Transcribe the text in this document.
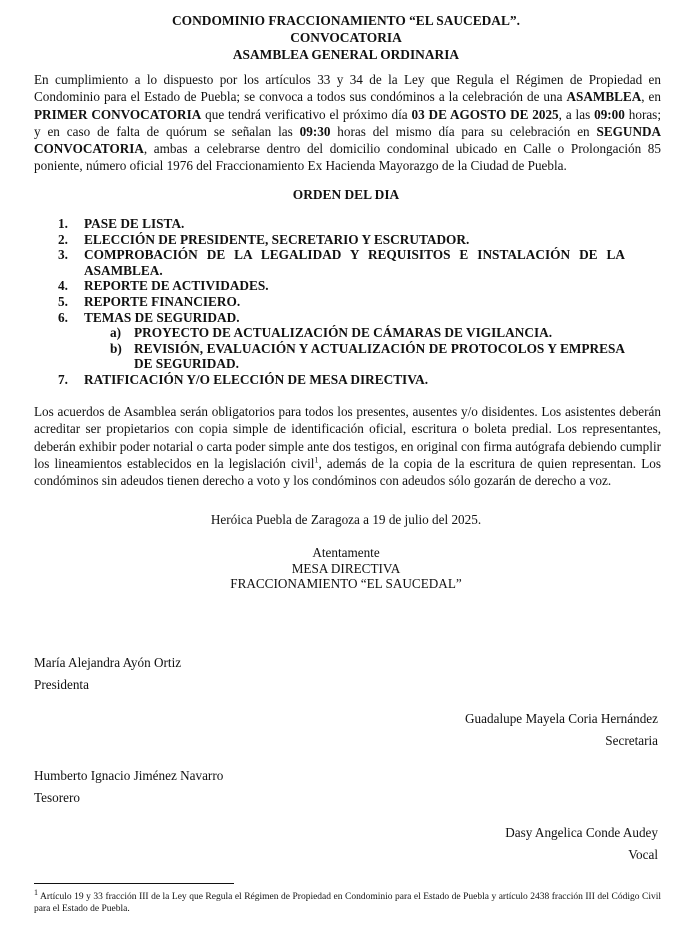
CONDOMINIO FRACCIONAMIENTO “EL SAUCEDAL”.
CONVOCATORIA
ASAMBLEA GENERAL ORDINARIA
En cumplimiento a lo dispuesto por los artículos 33 y 34 de la Ley que Regula el Régimen de Propiedad en Condominio para el Estado de Puebla; se convoca a todos sus condóminos a la celebración de una ASAMBLEA, en PRIMER CONVOCATORIA que tendrá verificativo el próximo día 03 DE AGOSTO DE 2025, a las 09:00 horas; y en caso de falta de quórum se señalan las 09:30 horas del mismo día para su celebración en SEGUNDA CONVOCATORIA, ambas a celebrarse dentro del domicilio condominal ubicado en Calle o Prolongación 85 poniente, número oficial 1976 del Fraccionamiento Ex Hacienda Mayorazgo de la Ciudad de Puebla.
ORDEN DEL DIA
1. PASE DE LISTA.
2. ELECCIÓN DE PRESIDENTE, SECRETARIO Y ESCRUTADOR.
3. COMPROBACIÓN DE LA LEGALIDAD Y REQUISITOS E INSTALACIÓN DE LA ASAMBLEA.
4. REPORTE DE ACTIVIDADES.
5. REPORTE FINANCIERO.
6. TEMAS DE SEGURIDAD.
a) PROYECTO DE ACTUALIZACIÓN DE CÁMARAS DE VIGILANCIA.
b) REVISIÓN, EVALUACIÓN Y ACTUALIZACIÓN DE PROTOCOLOS Y EMPRESA DE SEGURIDAD.
7. RATIFICACIÓN Y/O ELECCIÓN DE MESA DIRECTIVA.
Los acuerdos de Asamblea serán obligatorios para todos los presentes, ausentes y/o disidentes. Los asistentes deberán acreditar ser propietarios con copia simple de identificación oficial, escritura o boleta predial. Los representantes, deberán exhibir poder notarial o carta poder simple ante dos testigos, en original con firma autógrafa debiendo cumplir los lineamientos establecidos en la legislación civil$^1$, además de la copia de la escritura de quien representan. Los condóminos sin adeudos tienen derecho a voto y los condóminos con adeudos sólo gozarán de derecho a voz.
Heróica Puebla de Zaragoza a 19 de julio del 2025.
Atentamente
MESA DIRECTIVA
FRACCIONAMIENTO “EL SAUCEDAL”
María Alejandra Ayón Ortiz
Presidenta
Guadalupe Mayela Coria Hernández
Secretaria
Humberto Ignacio Jiménez Navarro
Tesorero
Dasy Angelica Conde Audey
Vocal
$^1$ Artículo 19 y 33 fracción III de la Ley que Regula el Régimen de Propiedad en Condominio para el Estado de Puebla y artículo 2438 fracción III del Código Civil para el Estado de Puebla.
